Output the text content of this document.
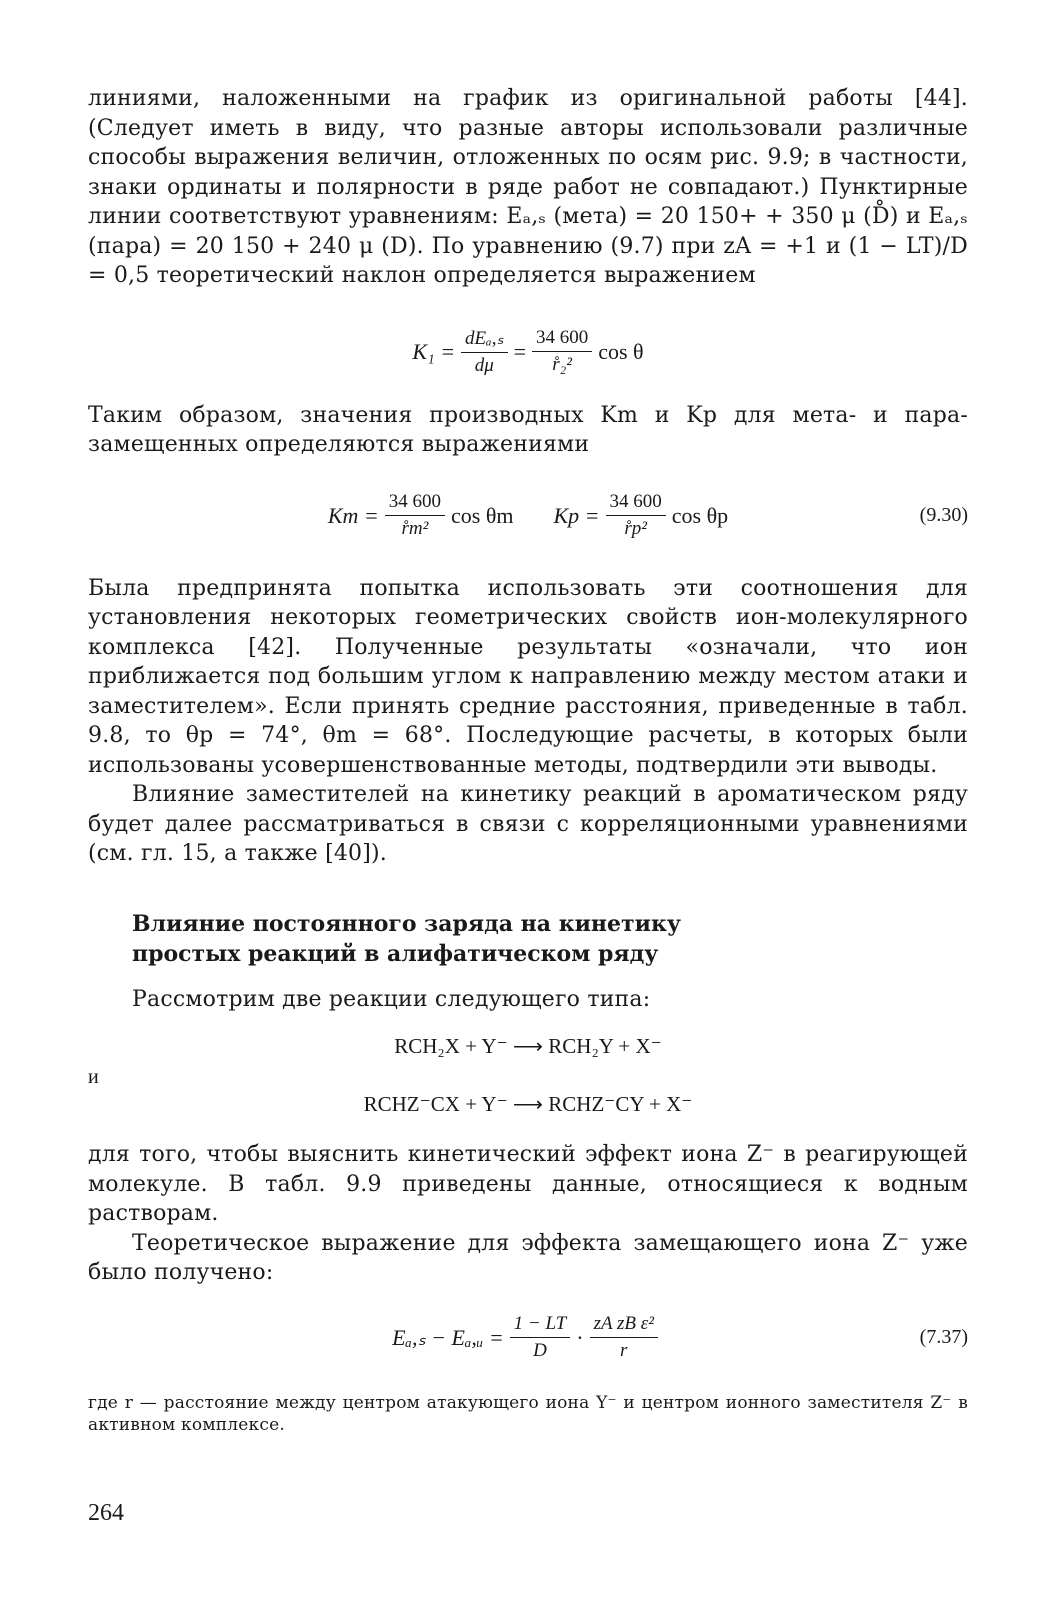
линиями, наложенными на график из оригинальной работы [44]. (Следует иметь в виду, что разные авторы использовали различные способы выражения величин, отложенных по осям рис. 9.9; в частности, знаки ординаты и полярности в ряде работ не совпадают.) Пунктирные линии соответствуют уравнениям: Eₐ,ₛ (мета) = 20 150+ + 350 μ (D̊) и Eₐ,ₛ (пара) = 20 150 + 240 μ (D). По уравнению (9.7) при zA = +1 и (1 − LT)/D = 0,5 теоретический наклон определяется выражением

$K_1 = \frac{\text{dEₐ,ₛ}}{d\mu} = \frac{34 600}{\text{r̊₂²}}$ cos θ

Таким образом, значения производных Km и Kp для мета- и пара-замещенных определяются выражениями

$Km = \frac{34 600}{\text{r̊m²}}$ cos θm $Kp = \frac{34 600}{\text{r̊p²}}$ cos θp	(9.30)

Была предпринята попытка использовать эти соотношения для установления некоторых геометрических свойств ион-молекулярного комплекса [42]. Полученные результаты «означали, что ион приближается под большим углом к направлению между местом атаки и заместителем». Если принять средние расстояния, приведенные в табл. 9.8, то θp = 74°, θm = 68°. Последующие расчеты, в которых были использованы усовершенствованные методы, подтвердили эти выводы.

Влияние заместителей на кинетику реакций в ароматическом ряду будет далее рассматриваться в связи с корреляционными уравнениями (см. гл. 15, а также [40]).

Влияние постоянного заряда на кинетику
простых реакций в алифатическом ряду

Рассмотрим две реакции следующего типа:

RCH₂X + Y⁻ ⟶ RCH₂Y + X⁻
и
RCHZ⁻CX + Y⁻ ⟶ RCHZ⁻CY + X⁻

для того, чтобы выяснить кинетический эффект иона Z⁻ в реагирующей молекуле. В табл. 9.9 приведены данные, относящиеся к водным растворам.

Теоретическое выражение для эффекта замещающего иона Z⁻ уже было получено:

Eₐ,ₛ − Eₐ,ᵤ = $\frac{1 - LT}{D} \cdot \frac{\text{zA zB ε²}}{r}$	(7.37)

где r — расстояние между центром атакующего иона Y⁻ и центром ионного заместителя Z⁻ в активном комплексе.

264
